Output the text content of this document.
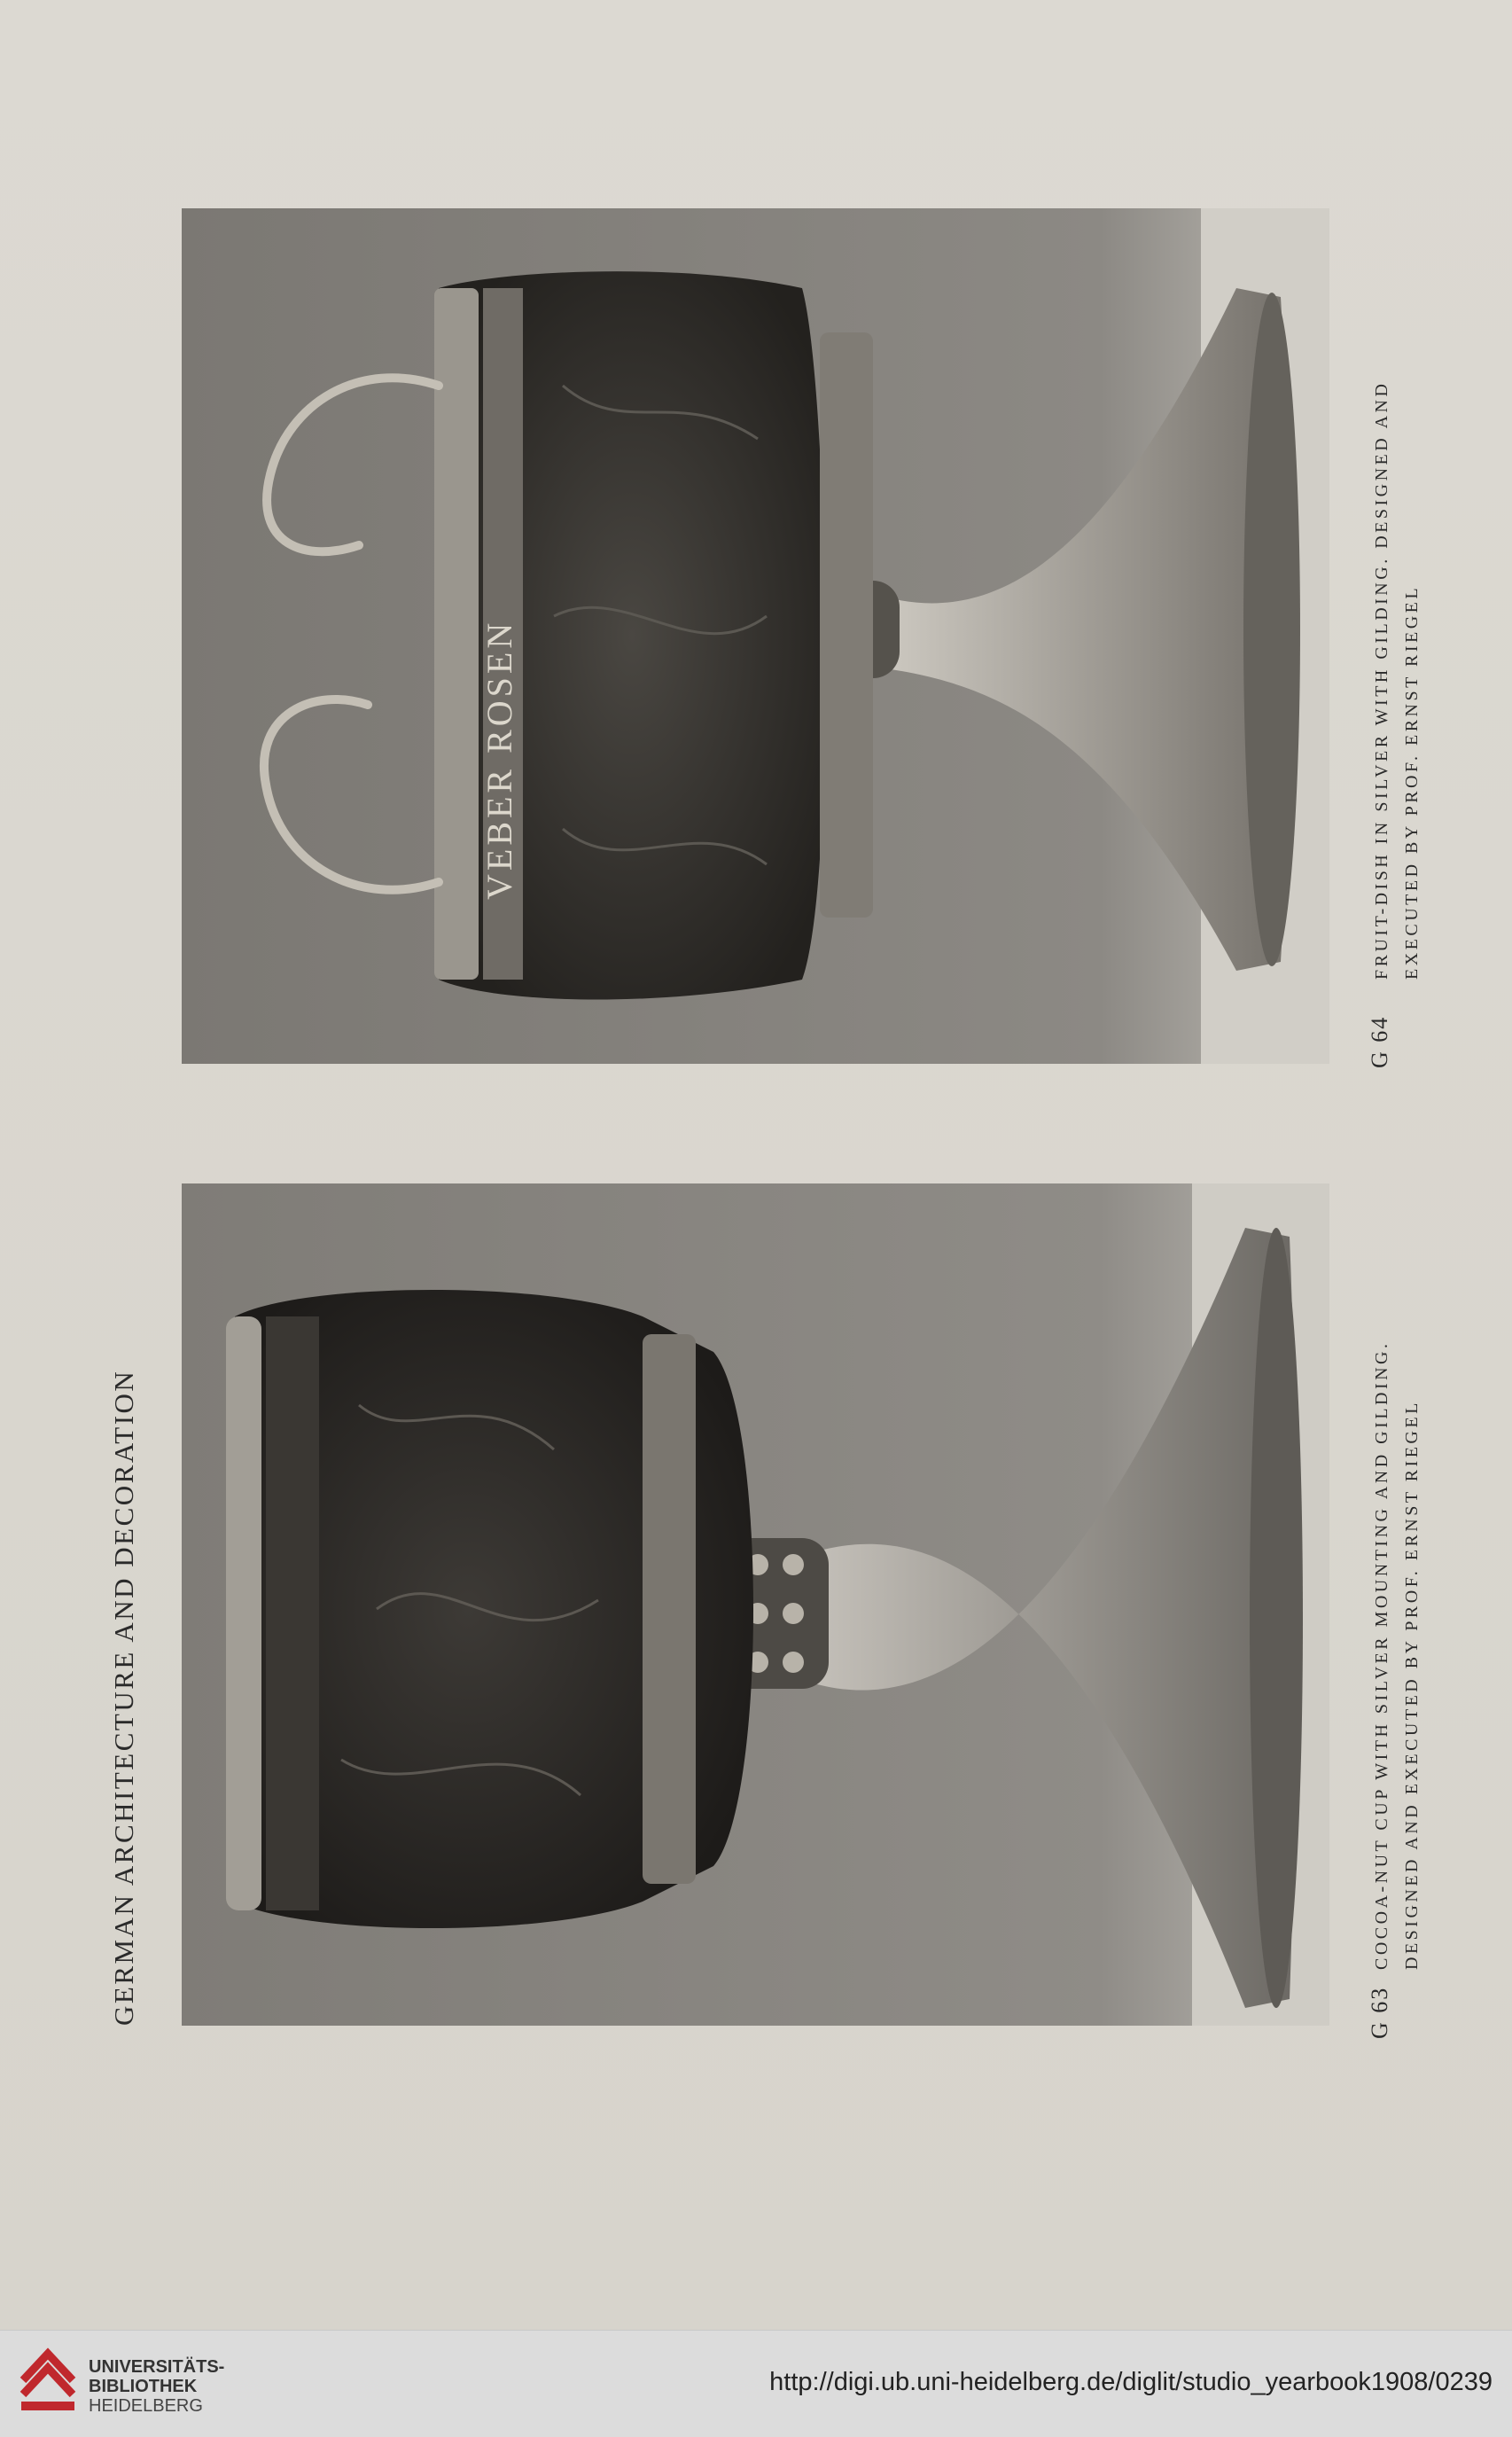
GERMAN ARCHITECTURE AND DECORATION
VEBER ROSEN
G 63
COCOA-NUT CUP WITH SILVER MOUNTING AND GILDING. DESIGNED AND EXECUTED BY PROF. ERNST RIEGEL
G 64
FRUIT-DISH IN SILVER WITH GILDING. DESIGNED AND EXECUTED BY PROF. ERNST RIEGEL
UNIVERSITÄTS-
BIBLIOTHEK
HEIDELBERG
http://digi.ub.uni-heidelberg.de/diglit/studio_yearbook1908/0239
